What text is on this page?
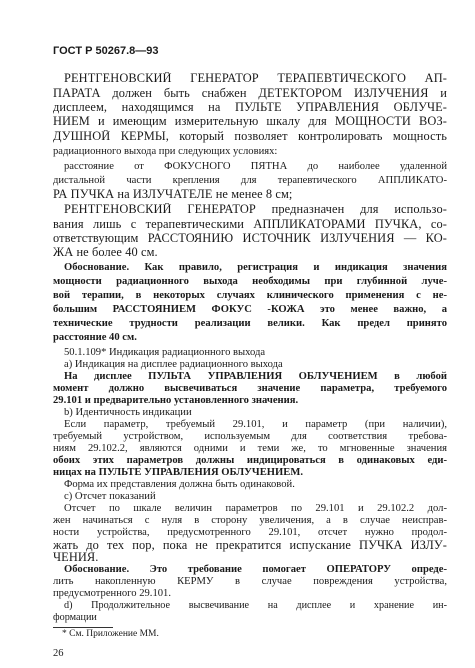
ГОСТ Р 50267.8—93

РЕНТГЕНОВСКИЙ ГЕНЕРАТОР ТЕРАПЕВТИЧЕСКОГО АП-

ПАРАТА должен быть снабжен ДЕТЕКТОРОМ ИЗЛУЧЕНИЯ и

дисплеем, находящимся на ПУЛЬТЕ УПРАВЛЕНИЯ ОБЛУЧЕ-

НИЕМ и имеющим измерительную шкалу для МОЩНОСТИ ВОЗ-

ДУШНОЙ КЕРМЫ, который позволяет контролировать мощность

радиационного выхода при следующих условиях:

расстояние от ФОКУСНОГО ПЯТНА до наиболее удаленной

дистальной части крепления для терапевтического АППЛИКАТО-

РА ПУЧКА на ИЗЛУЧАТЕЛЕ не менее 8 см;

РЕНТГЕНОВСКИЙ ГЕНЕРАТОР предназначен для использо-

вания лишь с терапевтическими АППЛИКАТОРАМИ ПУЧКА, со-

ответствующим РАССТОЯНИЮ ИСТОЧНИК ИЗЛУЧЕНИЯ — КО-

ЖА не более 40 см.

Обоснование. Как правило, регистрация и индикация значения

мощности радиационного выхода необходимы при глубинной луче-

вой терапии, в некоторых случаях клинического применения с не-

большим РАССТОЯНИЕМ ФОКУС -КОЖА это менее важно, а

технические трудности реализации велики. Как предел принято

расстояние 40 см.

50.1.109* Индикация радиационного выхода

а) Индикация на дисплее радиационного выхода

На дисплее ПУЛЬТА УПРАВЛЕНИЯ ОБЛУЧЕНИЕМ в любой

момент должно высвечиваться значение параметра, требуемого

29.101 и предварительно установленного значения.

b) Идентичность индикации

Если параметр, требуемый 29.101, и параметр (при наличии),

требуемый устройством, используемым для соответствия требова-

ниям 29.102.2, являются одними и теми же, то мгновенные значения

обоих этих параметров должны индицироваться в одинаковых еди-

ницах на ПУЛЬТЕ УПРАВЛЕНИЯ ОБЛУЧЕНИЕМ.

Форма их представления должна быть одинаковой.

с) Отсчет показаний

Отсчет по шкале величин параметров по 29.101 и 29.102.2 дол-

жен начинаться с нуля в сторону увеличения, а в случае неисправ-

ности устройства, предусмотренного 29.101, отсчет нужно продол-

жать до тех пор, пока не прекратится испускание ПУЧКА ИЗЛУ-

ЧЕНИЯ.

Обоснование. Это требование помогает ОПЕРАТОРУ опреде-

лить накопленную КЕРМУ в случае повреждения устройства,

предусмотренного 29.101.

d) Продолжительное высвечивание на дисплее и хранение ин-

формации

* См. Приложение ММ.

26
